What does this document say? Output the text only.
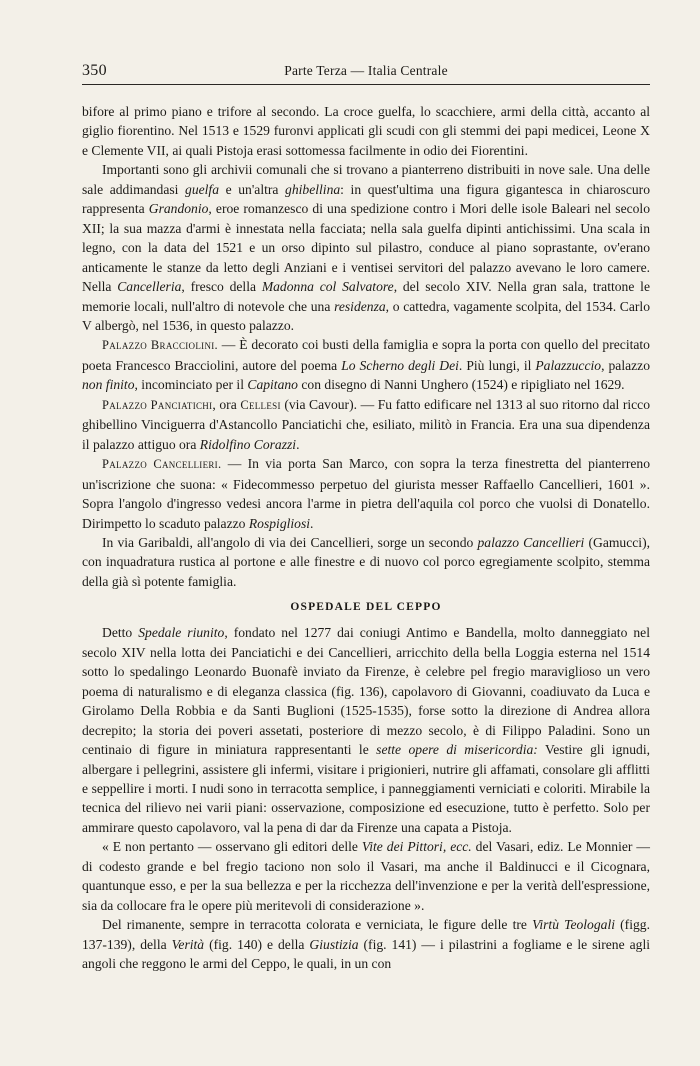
350	Parte Terza — Italia Centrale

bifore al primo piano e trifore al secondo. La croce guelfa, lo scacchiere, armi della città, accanto al giglio fiorentino. Nel 1513 e 1529 furonvi applicati gli scudi con gli stemmi dei papi medicei, Leone X e Clemente VII, ai quali Pistoja erasi sottomessa facilmente in odio dei Fiorentini.

Importanti sono gli archivii comunali che si trovano a pianterreno distribuiti in nove sale. Una delle sale addimandasi guelfa e un'altra ghibellina: in quest'ultima una figura gigantesca in chiaroscuro rappresenta Grandonio, eroe romanzesco di una spedizione contro i Mori delle isole Baleari nel secolo XII; la sua mazza d'armi è innestata nella facciata; nella sala guelfa dipinti antichissimi. Una scala in legno, con la data del 1521 e un orso dipinto sul pilastro, conduce al piano soprastante, ov'erano anticamente le stanze da letto degli Anziani e i ventisei servitori del palazzo avevano le loro camere. Nella Cancelleria, fresco della Madonna col Salvatore, del secolo XIV. Nella gran sala, trattone le memorie locali, null'altro di notevole che una residenza, o cattedra, vagamente scolpita, del 1534. Carlo V albergò, nel 1536, in questo palazzo.

Palazzo Bracciolini. — È decorato coi busti della famiglia e sopra la porta con quello del precitato poeta Francesco Bracciolini, autore del poema Lo Scherno degli Dei. Più lungi, il Palazzuccio, palazzo non finito, incominciato per il Capitano con disegno di Nanni Unghero (1524) e ripigliato nel 1629.

Palazzo Panciatichi, ora Cellesi (via Cavour). — Fu fatto edificare nel 1313 al suo ritorno dal ricco ghibellino Vinciguerra d'Astancollo Panciatichi che, esiliato, militò in Francia. Era una sua dipendenza il palazzo attiguo ora Ridolfino Corazzi.

Palazzo Cancellieri. — In via porta San Marco, con sopra la terza finestretta del pianterreno un'iscrizione che suona: « Fidecommesso perpetuo del giurista messer Raffaello Cancellieri, 1601 ». Sopra l'angolo d'ingresso vedesi ancora l'arme in pietra dell'aquila col porco che vuolsi di Donatello. Dirimpetto lo scaduto palazzo Rospigliosi.

In via Garibaldi, all'angolo di via dei Cancellieri, sorge un secondo palazzo Cancellieri (Gamucci), con inquadratura rustica al portone e alle finestre e di nuovo col porco egregiamente scolpito, stemma della già sì potente famiglia.

OSPEDALE DEL CEPPO

Detto Spedale riunito, fondato nel 1277 dai coniugi Antimo e Bandella, molto danneggiato nel secolo XIV nella lotta dei Panciatichi e dei Cancellieri, arricchito della bella Loggia esterna nel 1514 sotto lo spedalingo Leonardo Buonafè inviato da Firenze, è celebre pel fregio maraviglioso un vero poema di naturalismo e di eleganza classica (fig. 136), capolavoro di Giovanni, coadiuvato da Luca e Girolamo Della Robbia e da Santi Buglioni (1525-1535), forse sotto la direzione di Andrea allora decrepito; la storia dei poveri assetati, posteriore di mezzo secolo, è di Filippo Paladini. Sono un centinaio di figure in miniatura rappresentanti le sette opere di misericordia: Vestire gli ignudi, albergare i pellegrini, assistere gli infermi, visitare i prigionieri, nutrire gli affamati, consolare gli afflitti e seppellire i morti. I nudi sono in terracotta semplice, i panneggiamenti verniciati e coloriti. Mirabile la tecnica del rilievo nei varii piani: osservazione, composizione ed esecuzione, tutto è perfetto. Solo per ammirare questo capolavoro, val la pena di dar da Firenze una capata a Pistoja.

« E non pertanto — osservano gli editori delle Vite dei Pittori, ecc. del Vasari, ediz. Le Monnier — di codesto grande e bel fregio taciono non solo il Vasari, ma anche il Baldinucci e il Cicognara, quantunque esso, e per la sua bellezza e per la ricchezza dell'invenzione e per la verità dell'espressione, sia da collocare fra le opere più meritevoli di considerazione ».

Del rimanente, sempre in terracotta colorata e verniciata, le figure delle tre Virtù Teologali (figg. 137-139), della Verità (fig. 140) e della Giustizia (fig. 141) — i pilastrini a fogliame e le sirene agli angoli che reggono le armi del Ceppo, le quali, in un con
